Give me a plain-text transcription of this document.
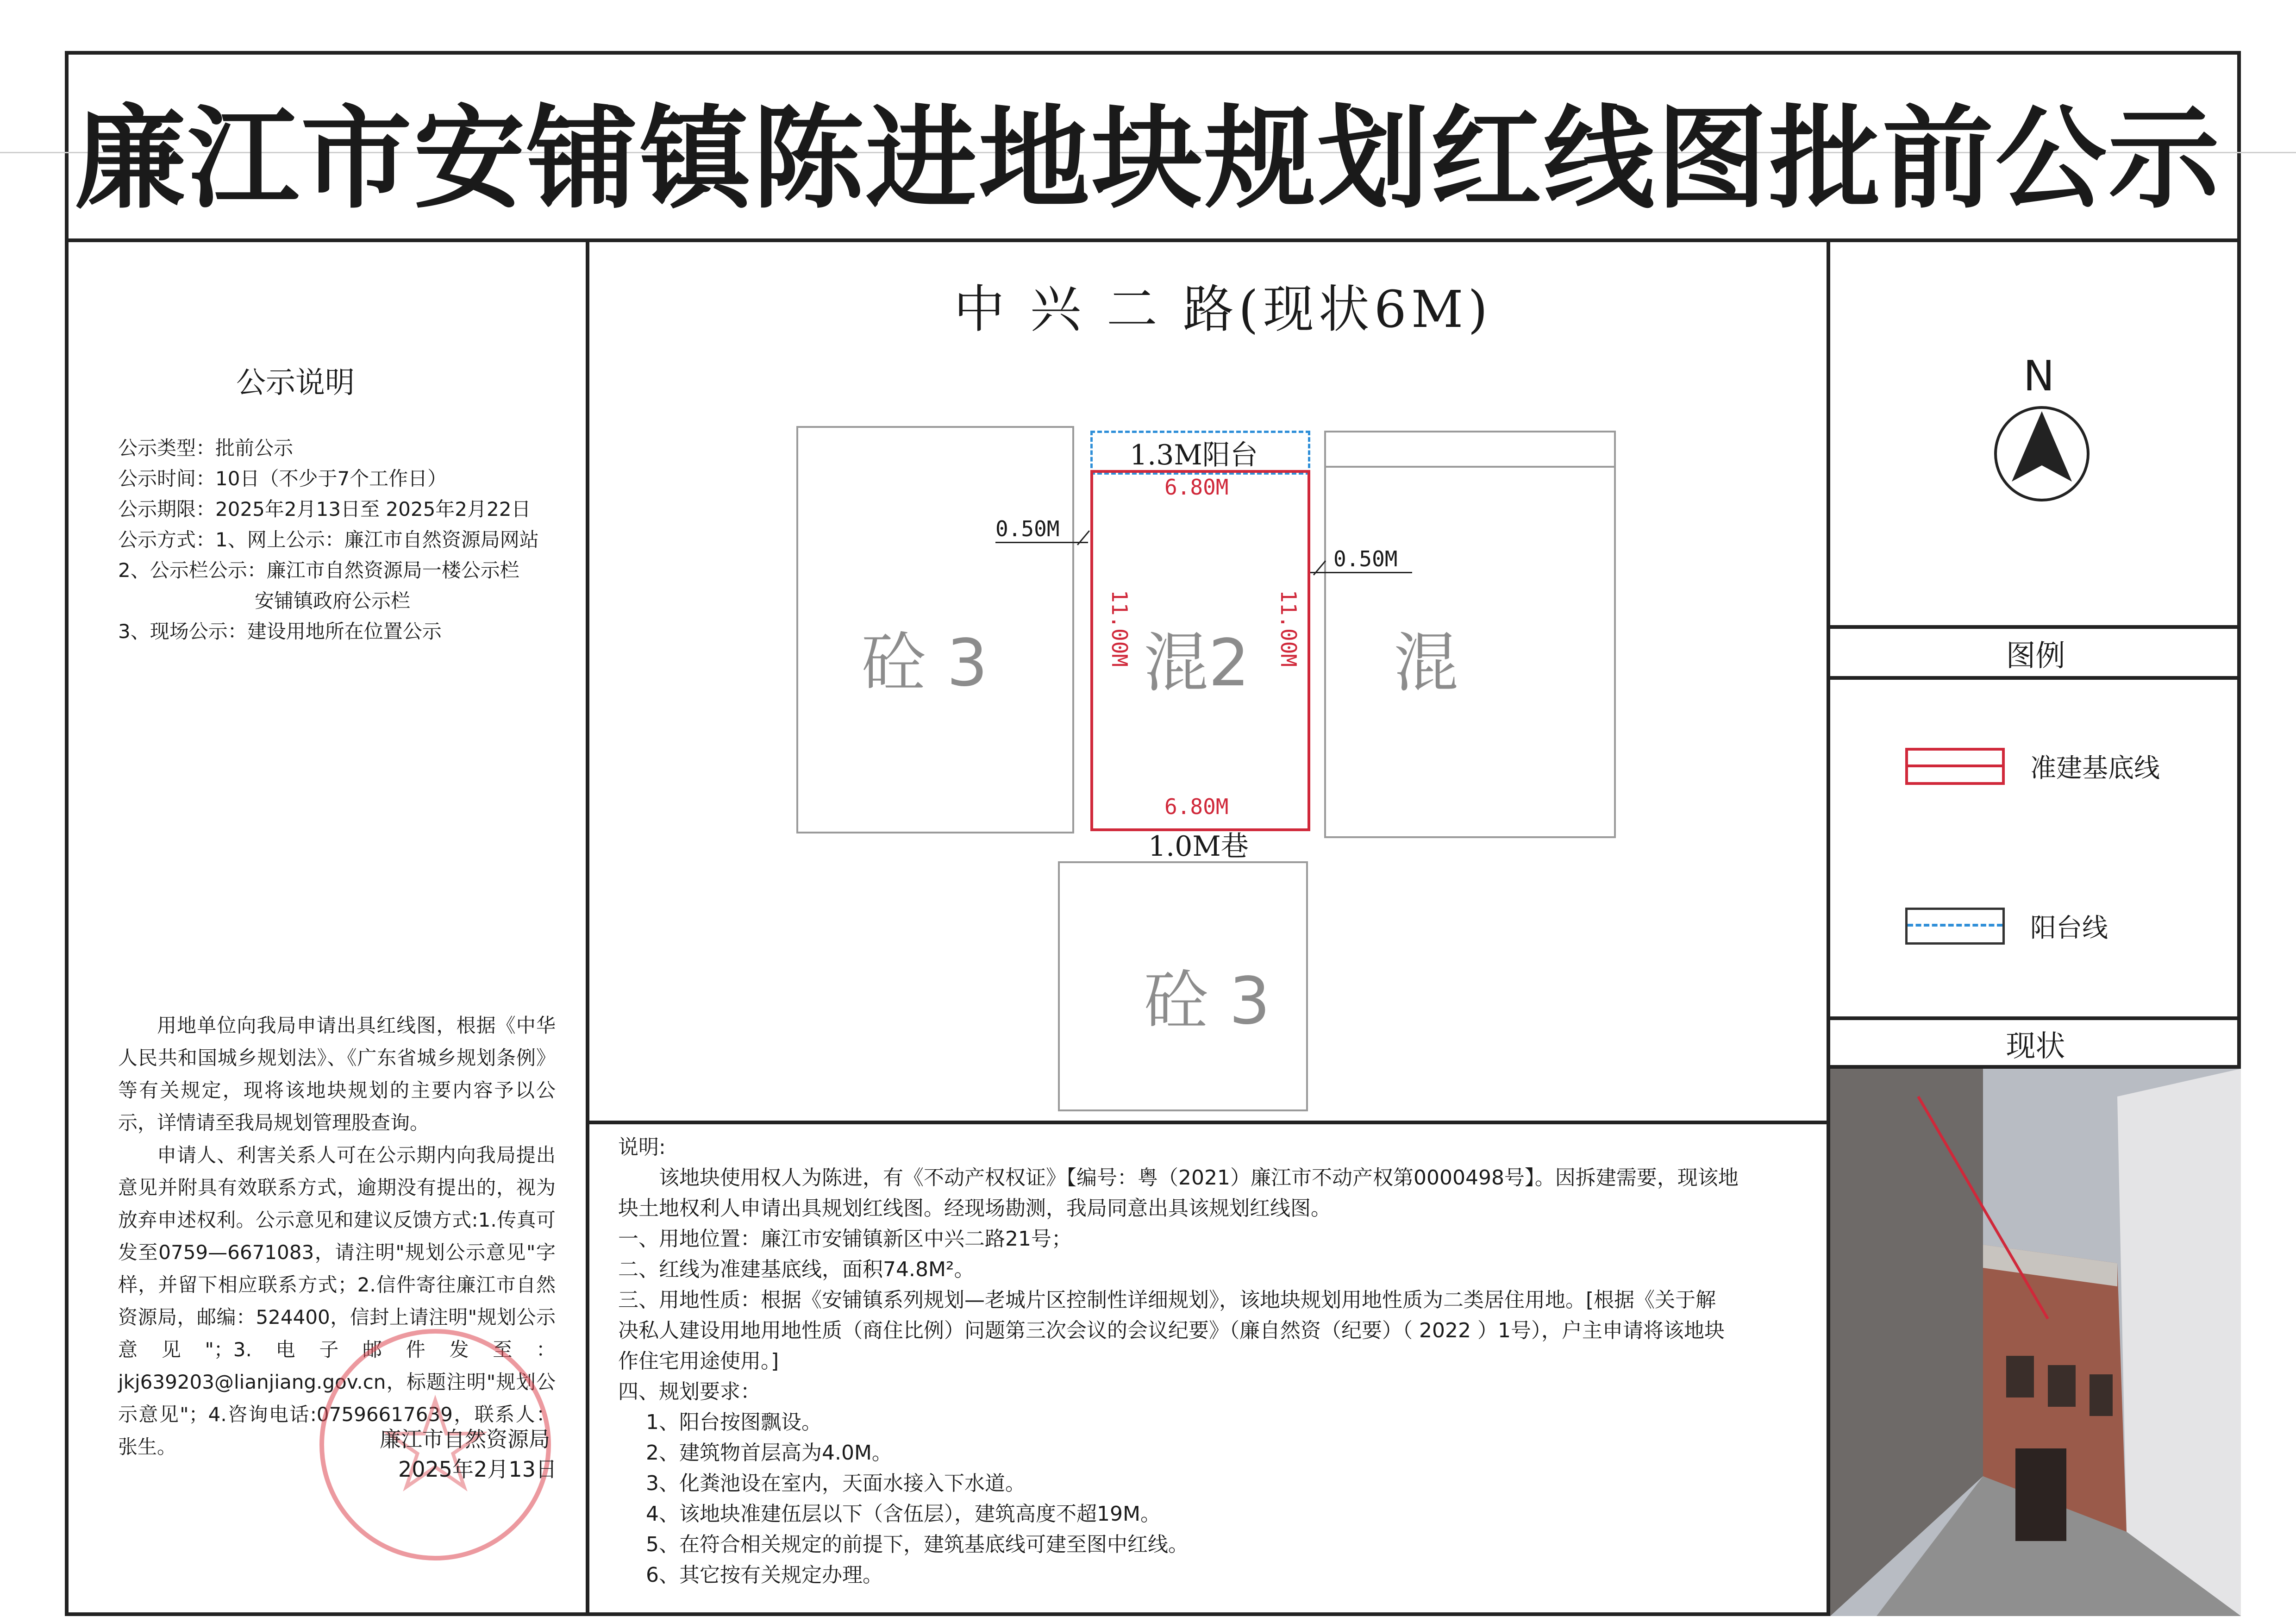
廉江市安铺镇陈进地块规划红线图批前公示
公示说明
公示类型：批前公示
公示时间：10日（不少于7个工作日）
公示期限：2025年2月13日至 2025年2月22日
公示方式：1、网上公示：廉江市自然资源局网站
2、公示栏公示：廉江市自然资源局一楼公示栏
安铺镇政府公示栏
3、现场公示：建设用地所在位置公示
用地单位向我局申请出具红线图，根据《中华人民共和国城乡规划法》、《广东省城乡规划条例》等有关规定，现将该地块规划的主要内容予以公示，详情请至我局规划管理股查询。
申请人、利害关系人可在公示期内向我局提出意见并附具有效联系方式，逾期没有提出的，视为放弃申述权利。公示意见和建议反馈方式:1.传真可发至0759—6671083，请注明"规划公示意见"字样，并留下相应联系方式；2.信件寄往廉江市自然资源局，邮编：524400，信封上请注明"规划公示意见"；3.电子邮件发至：jkj639203@lianjiang.gov.cn，标题注明"规划公示意见"；4.咨询电话:07596617639，联系人：张生。	廉江市自然资源局
2025年2月13日
中 兴 二 路(现状6M)
砼 3	混
砼 3
1.3M阳台
6.80M
6.80M
11.00M	11.00M
混2
1.0M巷
0.50M
0.50M
N
图例
准建基底线
阳台线
现状
说明:
该地块使用权人为陈进，有《不动产权权证》【编号：粤（2021）廉江市不动产权第0000498号】。因拆建需要，现该地
块土地权利人申请出具规划红线图。经现场勘测，我局同意出具该规划红线图。
一、用地位置：廉江市安铺镇新区中兴二路21号；
二、红线为准建基底线，面积74.8M²。
三、用地性质：根据《安铺镇系列规划—老城片区控制性详细规划》，该地块规划用地性质为二类居住用地。[根据《关于解
决私人建设用地用地性质（商住比例）问题第三次会议的会议纪要》（廉自然资（纪要）（ 2022 ）1号），户主申请将该地块
作住宅用途使用。]
四、规划要求：
1、阳台按图飘设。
2、建筑物首层高为4.0M。
3、化粪池设在室内，天面水接入下水道。
4、该地块准建伍层以下（含伍层），建筑高度不超19M。
5、在符合相关规定的前提下，建筑基底线可建至图中红线。
6、其它按有关规定办理。
